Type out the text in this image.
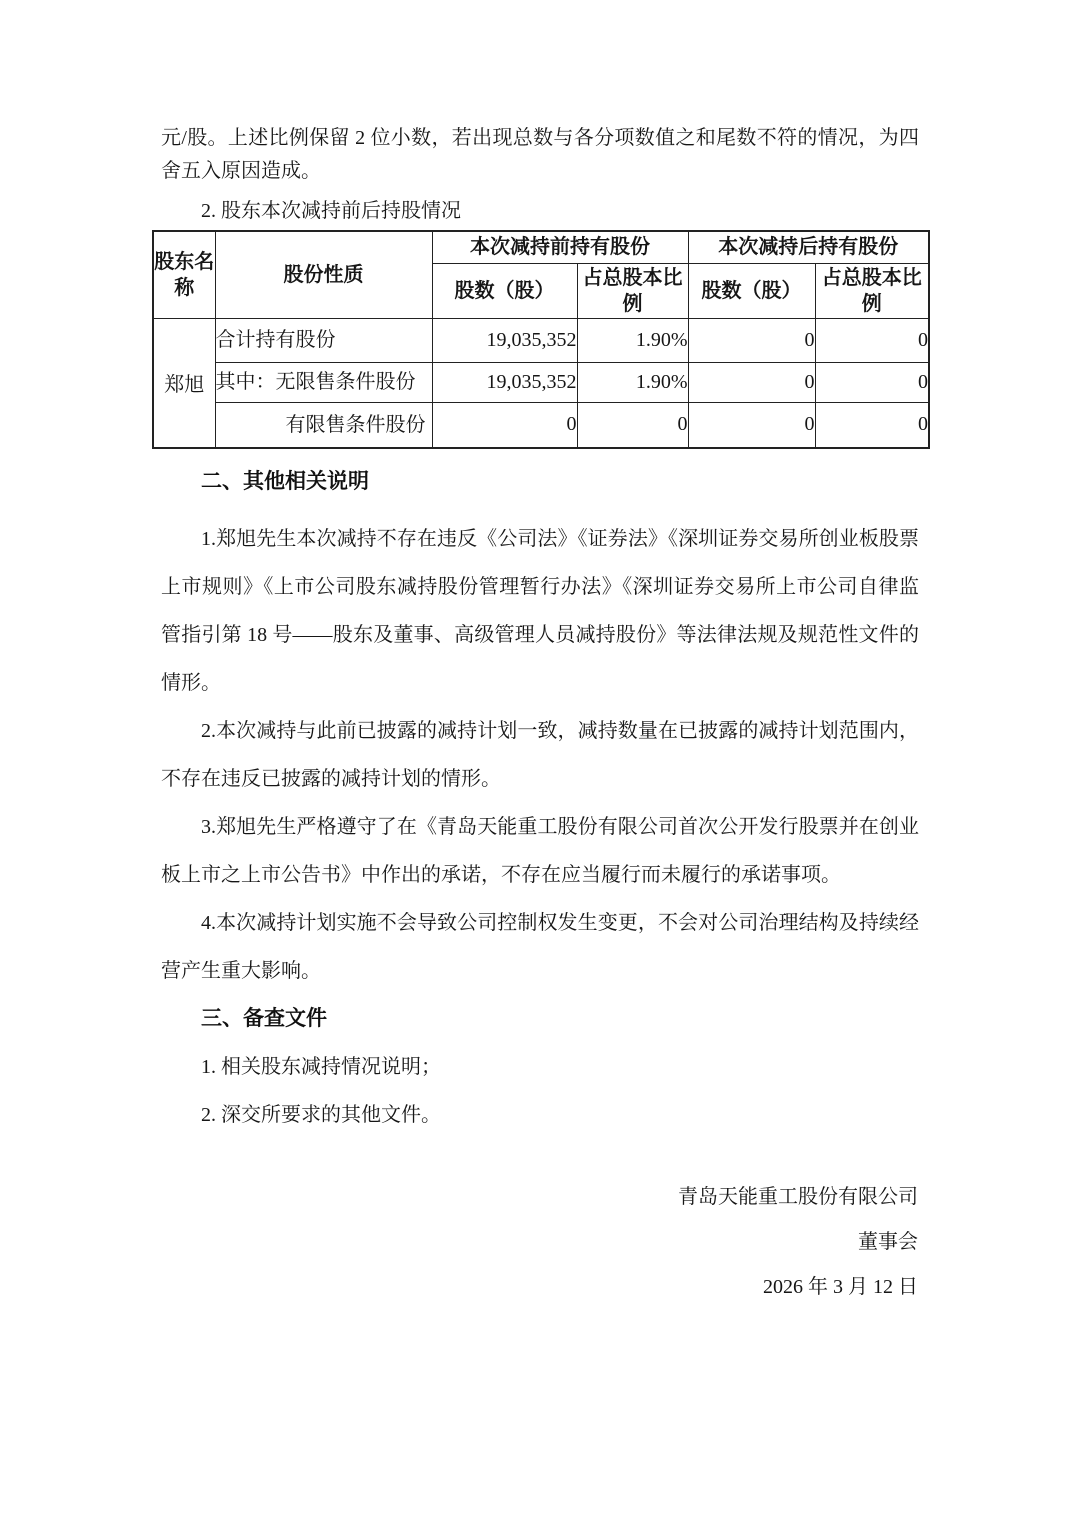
元/股。上述比例保留 2 位小数，若出现总数与各分项数值之和尾数不符的情况，为四舍五入原因造成。

2. 股东本次减持前后持股情况

股东名称	股份性质	本次减持前持有股份		本次减持后持有股份	
		股数（股）	占总股本比例	股数（股）	占总股本比例
郑旭	合计持有股份	19,035,352	1.90%	0	0
	其中：无限售条件股份	19,035,352	1.90%	0	0
	有限售条件股份	0	0	0	0
二、其他相关说明

1.郑旭先生本次减持不存在违反《公司法》《证券法》《深圳证券交易所创业板股票上市规则》《上市公司股东减持股份管理暂行办法》《深圳证券交易所上市公司自律监管指引第 18 号——股东及董事、高级管理人员减持股份》等法律法规及规范性文件的情形。

2.本次减持与此前已披露的减持计划一致，减持数量在已披露的减持计划范围内，不存在违反已披露的减持计划的情形。

3.郑旭先生严格遵守了在《青岛天能重工股份有限公司首次公开发行股票并在创业板上市之上市公告书》中作出的承诺，不存在应当履行而未履行的承诺事项。

4.本次减持计划实施不会导致公司控制权发生变更，不会对公司治理结构及持续经营产生重大影响。

三、备查文件

1. 相关股东减持情况说明；

2. 深交所要求的其他文件。

青岛天能重工股份有限公司
董事会
2026 年 3 月 12 日
